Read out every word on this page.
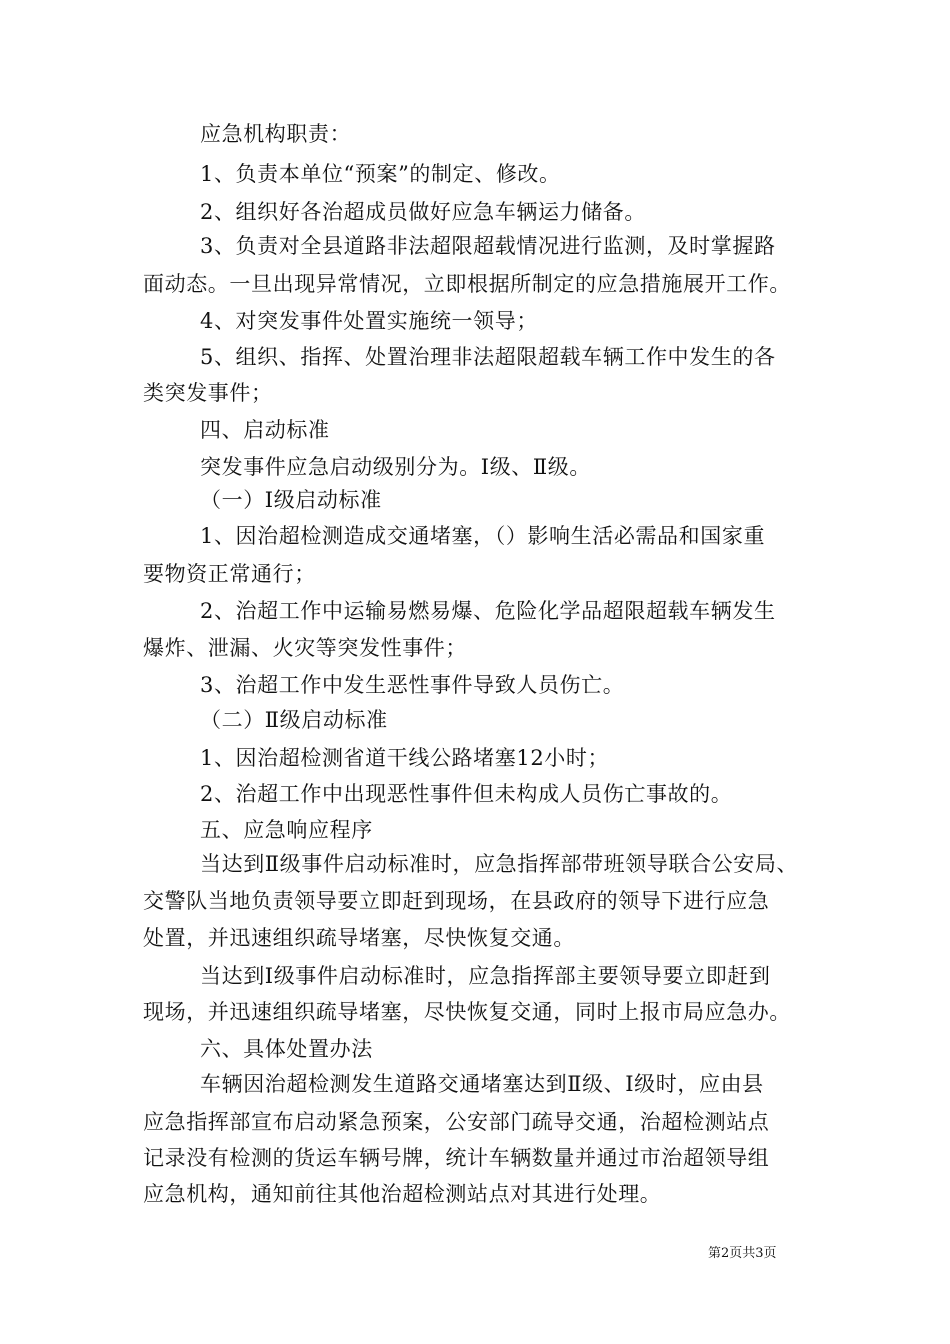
应急机构职责：
1、负责本单位“预案”的制定、修改。
2、组织好各治超成员做好应急车辆运力储备。
3、负责对全县道路非法超限超载情况进行监测，及时掌握路
面动态。一旦出现异常情况，立即根据所制定的应急措施展开工作。
4、对突发事件处置实施统一领导；
5、组织、指挥、处置治理非法超限超载车辆工作中发生的各
类突发事件；
四、启动标准
突发事件应急启动级别分为。Ⅰ级、Ⅱ级。
（一）Ⅰ级启动标准
1、因治超检测造成交通堵塞，（）影响生活必需品和国家重
要物资正常通行；
2、治超工作中运输易燃易爆、危险化学品超限超载车辆发生
爆炸、泄漏、火灾等突发性事件；
3、治超工作中发生恶性事件导致人员伤亡。
（二）Ⅱ级启动标准
1、因治超检测省道干线公路堵塞12小时；
2、治超工作中出现恶性事件但未构成人员伤亡事故的。
五、应急响应程序
当达到Ⅱ级事件启动标准时，应急指挥部带班领导联合公安局、
交警队当地负责领导要立即赶到现场，在县政府的领导下进行应急
处置，并迅速组织疏导堵塞，尽快恢复交通。
当达到Ⅰ级事件启动标准时，应急指挥部主要领导要立即赶到
现场，并迅速组织疏导堵塞，尽快恢复交通，同时上报市局应急办。
六、具体处置办法
车辆因治超检测发生道路交通堵塞达到Ⅱ级、Ⅰ级时，应由县
应急指挥部宣布启动紧急预案，公安部门疏导交通，治超检测站点
记录没有检测的货运车辆号牌，统计车辆数量并通过市治超领导组
应急机构，通知前往其他治超检测站点对其进行处理。
第2页共3页
